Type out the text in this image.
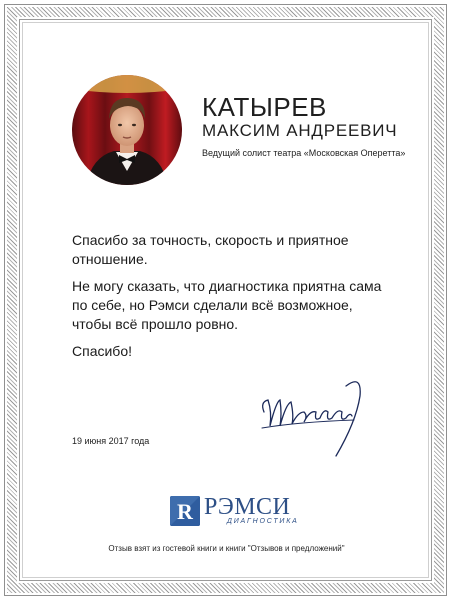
КАТЫРЕВ
МАКСИМ АНДРЕЕВИЧ
Ведущий солист театра «Московская Оперетта»
Спасибо за точность, скорость и приятное отношение.
Не могу сказать, что диагностика приятна сама по себе, но Рэмси сделали всё возможное, чтобы всё прошло ровно.
Спасибо!
19 июня 2017 года
R РЭМСИ
ДИАГНОСТИКА
Отзыв взят из гостевой книги и книги "Отзывов и предложений"
